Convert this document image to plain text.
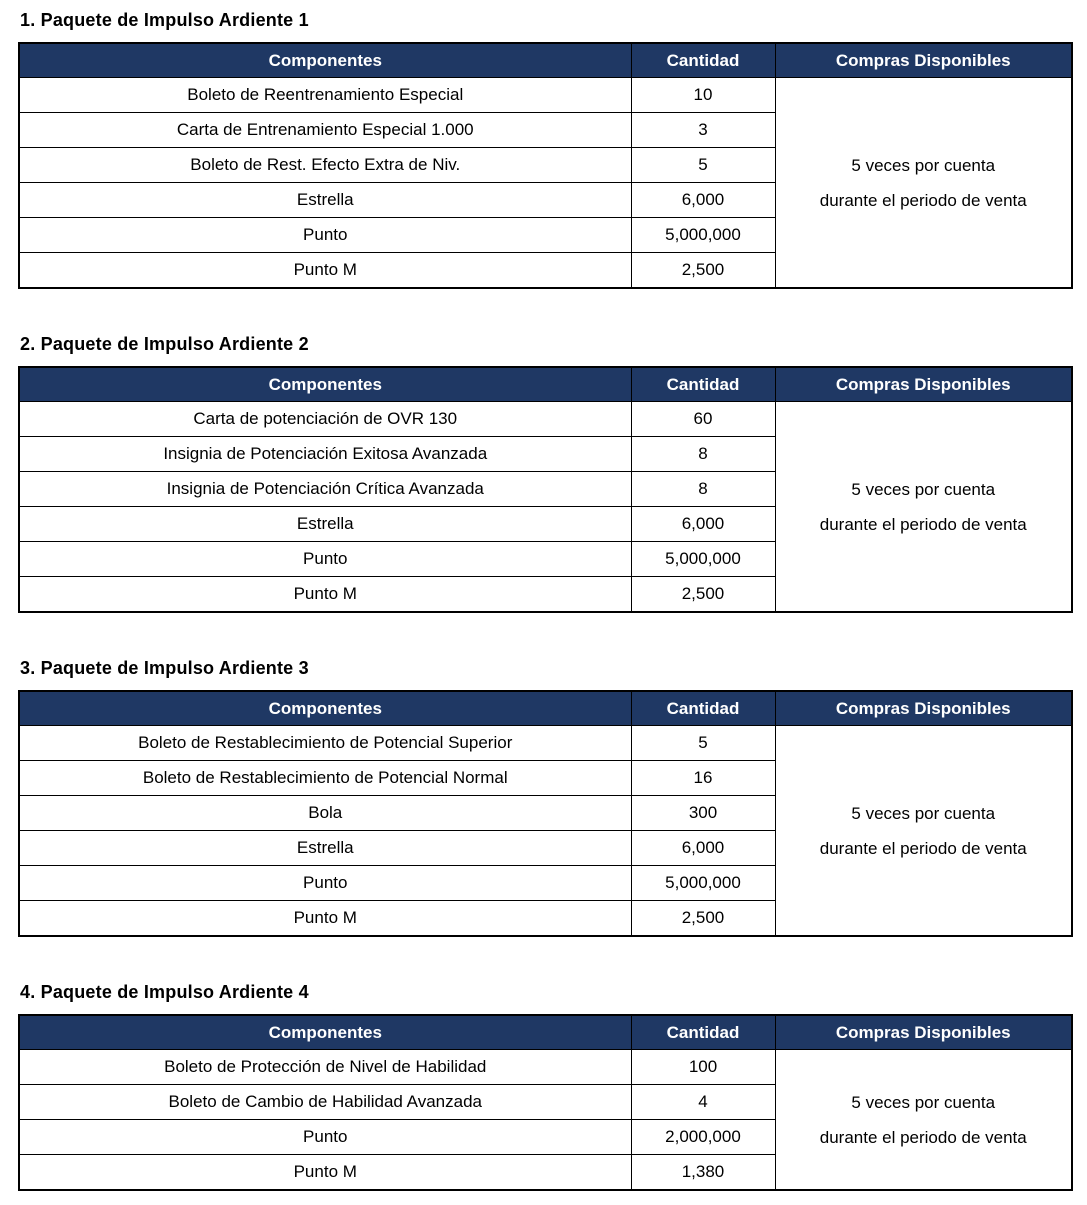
1. Paquete de Impulso Ardiente 1
Componentes	Cantidad	Compras Disponibles
Boleto de Reentrenamiento Especial	10	5 veces por cuenta
durante el periodo de venta

Carta de Entrenamiento Especial 1.000	3	
Boleto de Rest. Efecto Extra de Niv.	5	
Estrella	6,000	
Punto	5,000,000	
Punto M	2,500	
2. Paquete de Impulso Ardiente 2
Componentes	Cantidad	Compras Disponibles
Carta de potenciación de OVR 130	60	5 veces por cuenta
durante el periodo de venta

Insignia de Potenciación Exitosa Avanzada	8	
Insignia de Potenciación Crítica Avanzada	8	
Estrella	6,000	
Punto	5,000,000	
Punto M	2,500	
3. Paquete de Impulso Ardiente 3
Componentes	Cantidad	Compras Disponibles
Boleto de Restablecimiento de Potencial Superior	5	5 veces por cuenta
durante el periodo de venta

Boleto de Restablecimiento de Potencial Normal	16	
Bola	300	
Estrella	6,000	
Punto	5,000,000	
Punto M	2,500	
4. Paquete de Impulso Ardiente 4
Componentes	Cantidad	Compras Disponibles
Boleto de Protección de Nivel de Habilidad	100	5 veces por cuenta
durante el periodo de venta

Boleto de Cambio de Habilidad Avanzada	4	
Punto	2,000,000	
Punto M	1,380	
